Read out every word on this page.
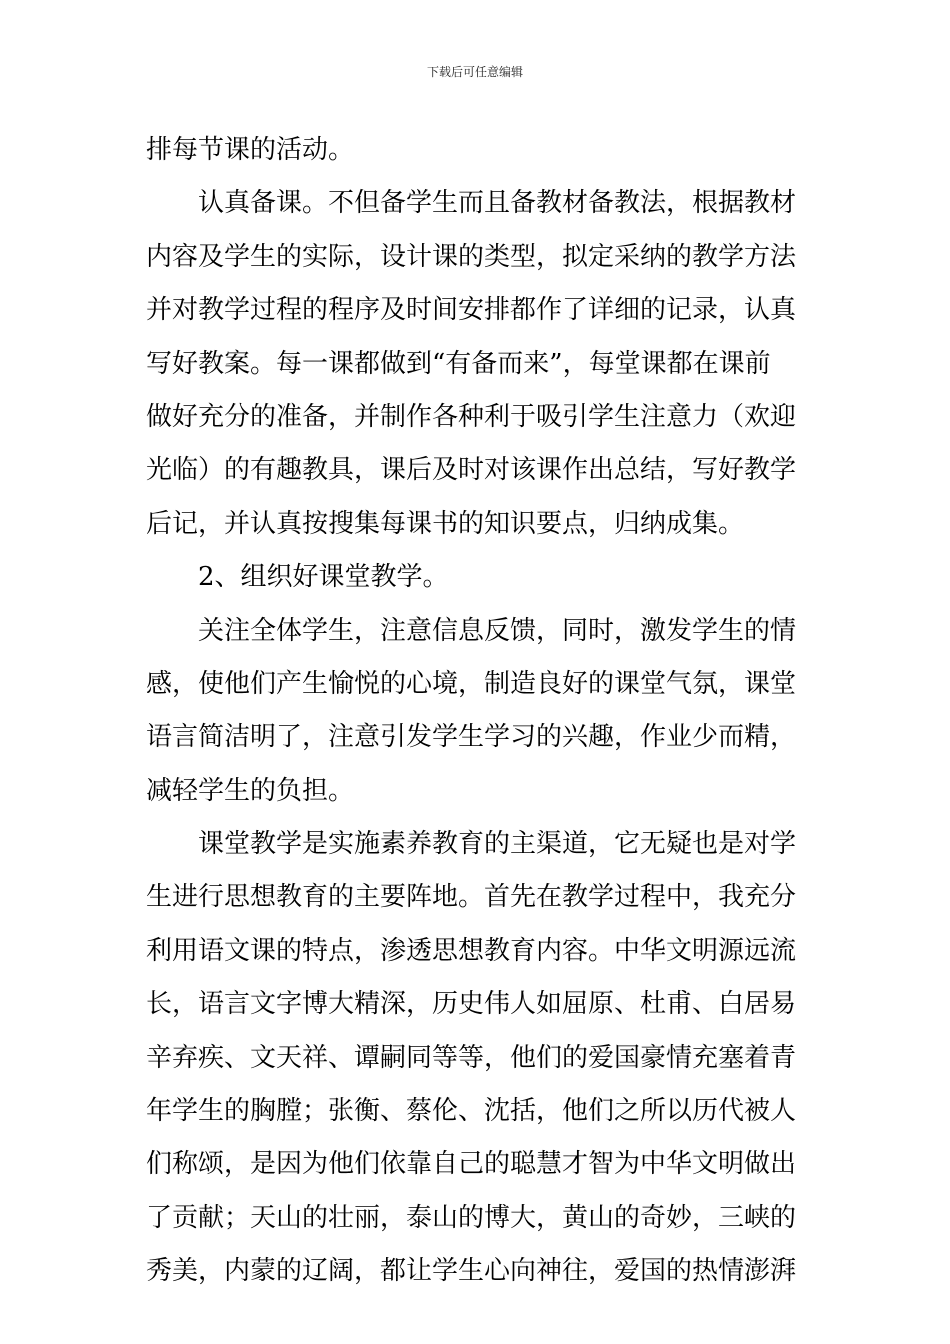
下载后可任意编辑
排每节课的活动。
认真备课。不但备学生而且备教材备教法，根据教材
内容及学生的实际，设计课的类型，拟定采纳的教学方法
并对教学过程的程序及时间安排都作了详细的记录，认真
写好教案。每一课都做到“有备而来”，每堂课都在课前
做好充分的准备，并制作各种利于吸引学生注意力（欢迎
光临）的有趣教具，课后及时对该课作出总结，写好教学
后记，并认真按搜集每课书的知识要点，归纳成集。
2、组织好课堂教学。
关注全体学生，注意信息反馈，同时，激发学生的情
感，使他们产生愉悦的心境，制造良好的课堂气氛，课堂
语言简洁明了，注意引发学生学习的兴趣，作业少而精，
减轻学生的负担。
课堂教学是实施素养教育的主渠道，它无疑也是对学
生进行思想教育的主要阵地。首先在教学过程中，我充分
利用语文课的特点，渗透思想教育内容。中华文明源远流
长，语言文字博大精深，历史伟人如屈原、杜甫、白居易
辛弃疾、文天祥、谭嗣同等等，他们的爱国豪情充塞着青
年学生的胸膛；张衡、蔡伦、沈括，他们之所以历代被人
们称颂，是因为他们依靠自己的聪慧才智为中华文明做出
了贡献；天山的壮丽，泰山的博大，黄山的奇妙，三峡的
秀美，内蒙的辽阔，都让学生心向神往，爱国的热情澎湃
